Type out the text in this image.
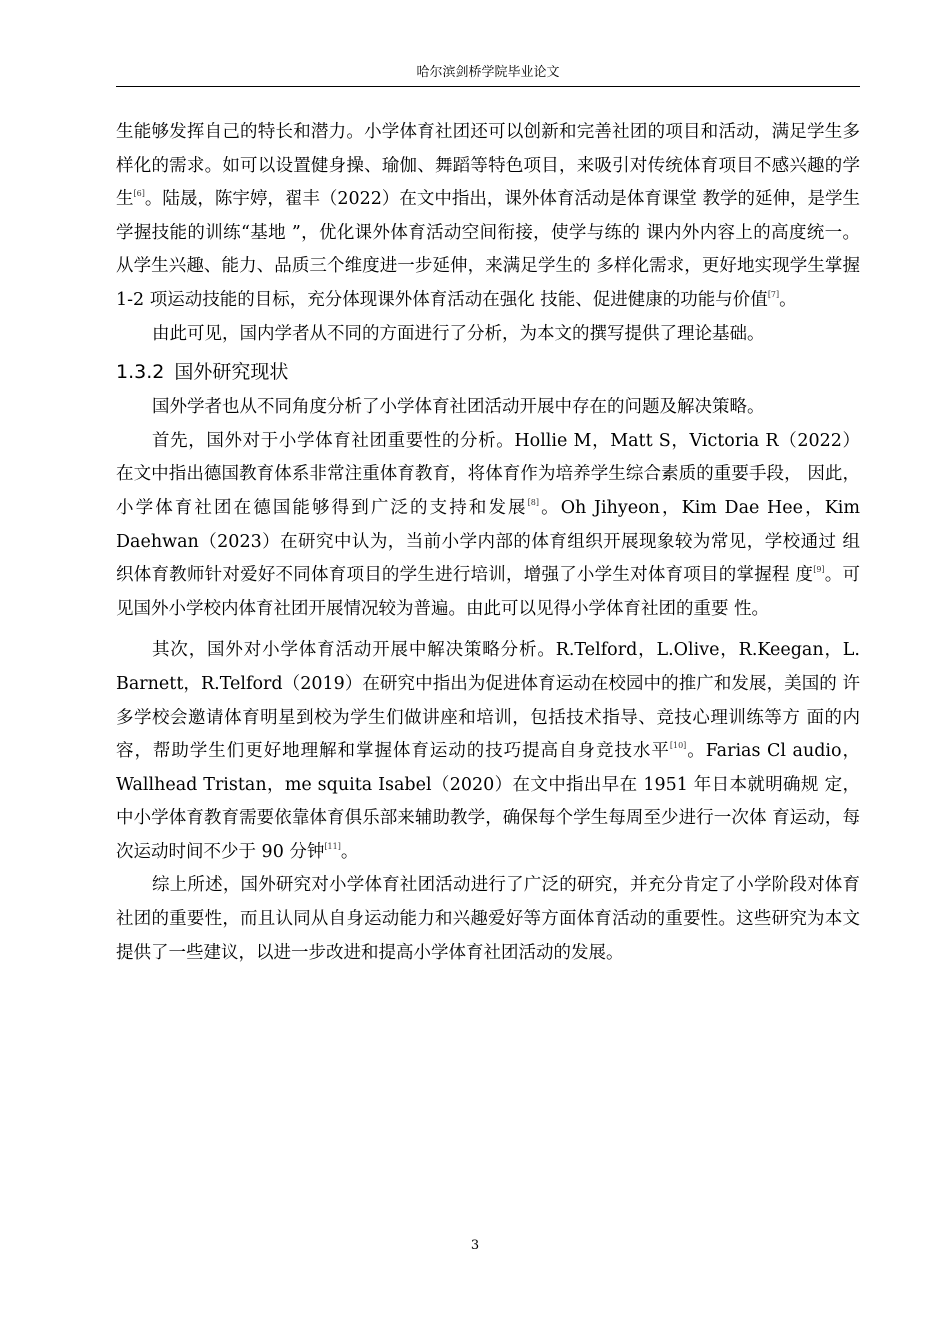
哈尔滨剑桥学院毕业论文

生能够发挥自己的特长和潜力。小学体育社团还可以创新和完善社团的项目和活动，满足学生多样化的需求。如可以设置健身操、瑜伽、舞蹈等特色项目，来吸引对传统体育项目不感兴趣的学生[6]。陆晟，陈宇婷，翟丰（2022）在文中指出，课外体育活动是体育课堂 教学的延伸，是学生学握技能的训练“基地 ”，优化课外体育活动空间衔接，使学与练的 课内外内容上的高度统一。从学生兴趣、能力、品质三个维度进一步延伸，来满足学生的 多样化需求，更好地实现学生掌握 1-2 项运动技能的目标，充分体现课外体育活动在强化 技能、促进健康的功能与价值[7]。

由此可见，国内学者从不同的方面进行了分析，为本文的撰写提供了理论基础。

1.3.2 国外研究现状

国外学者也从不同角度分析了小学体育社团活动开展中存在的问题及解决策略。

首先，国外对于小学体育社团重要性的分析。Hollie M，Matt S，Victoria R（2022） 在文中指出德国教育体系非常注重体育教育，将体育作为培养学生综合素质的重要手段， 因此，小学体育社团在德国能够得到广泛的支持和发展[8]。Oh Jihyeon，Kim Dae Hee，Kim Daehwan（2023）在研究中认为，当前小学内部的体育组织开展现象较为常见，学校通过 组织体育教师针对爱好不同体育项目的学生进行培训，增强了小学生对体育项目的掌握程 度[9]。可见国外小学校内体育社团开展情况较为普遍。由此可以见得小学体育社团的重要 性。

其次，国外对小学体育活动开展中解决策略分析。R.Telford，L.Olive，R.Keegan，L. Barnett，R.Telford（2019）在研究中指出为促进体育运动在校园中的推广和发展，美国的 许多学校会邀请体育明星到校为学生们做讲座和培训，包括技术指导、竞技心理训练等方 面的内容，帮助学生们更好地理解和掌握体育运动的技巧提高自身竞技水平[10]。Farias Cl audio，Wallhead Tristan，me squita Isabel（2020）在文中指出早在 1951 年日本就明确规 定，中小学体育教育需要依靠体育俱乐部来辅助教学，确保每个学生每周至少进行一次体 育运动，每次运动时间不少于 90 分钟[11]。

综上所述，国外研究对小学体育社团活动进行了广泛的研究，并充分肯定了小学阶段对体育社团的重要性，而且认同从自身运动能力和兴趣爱好等方面体育活动的重要性。这些研究为本文提供了一些建议，以进一步改进和提高小学体育社团活动的发展。

3
